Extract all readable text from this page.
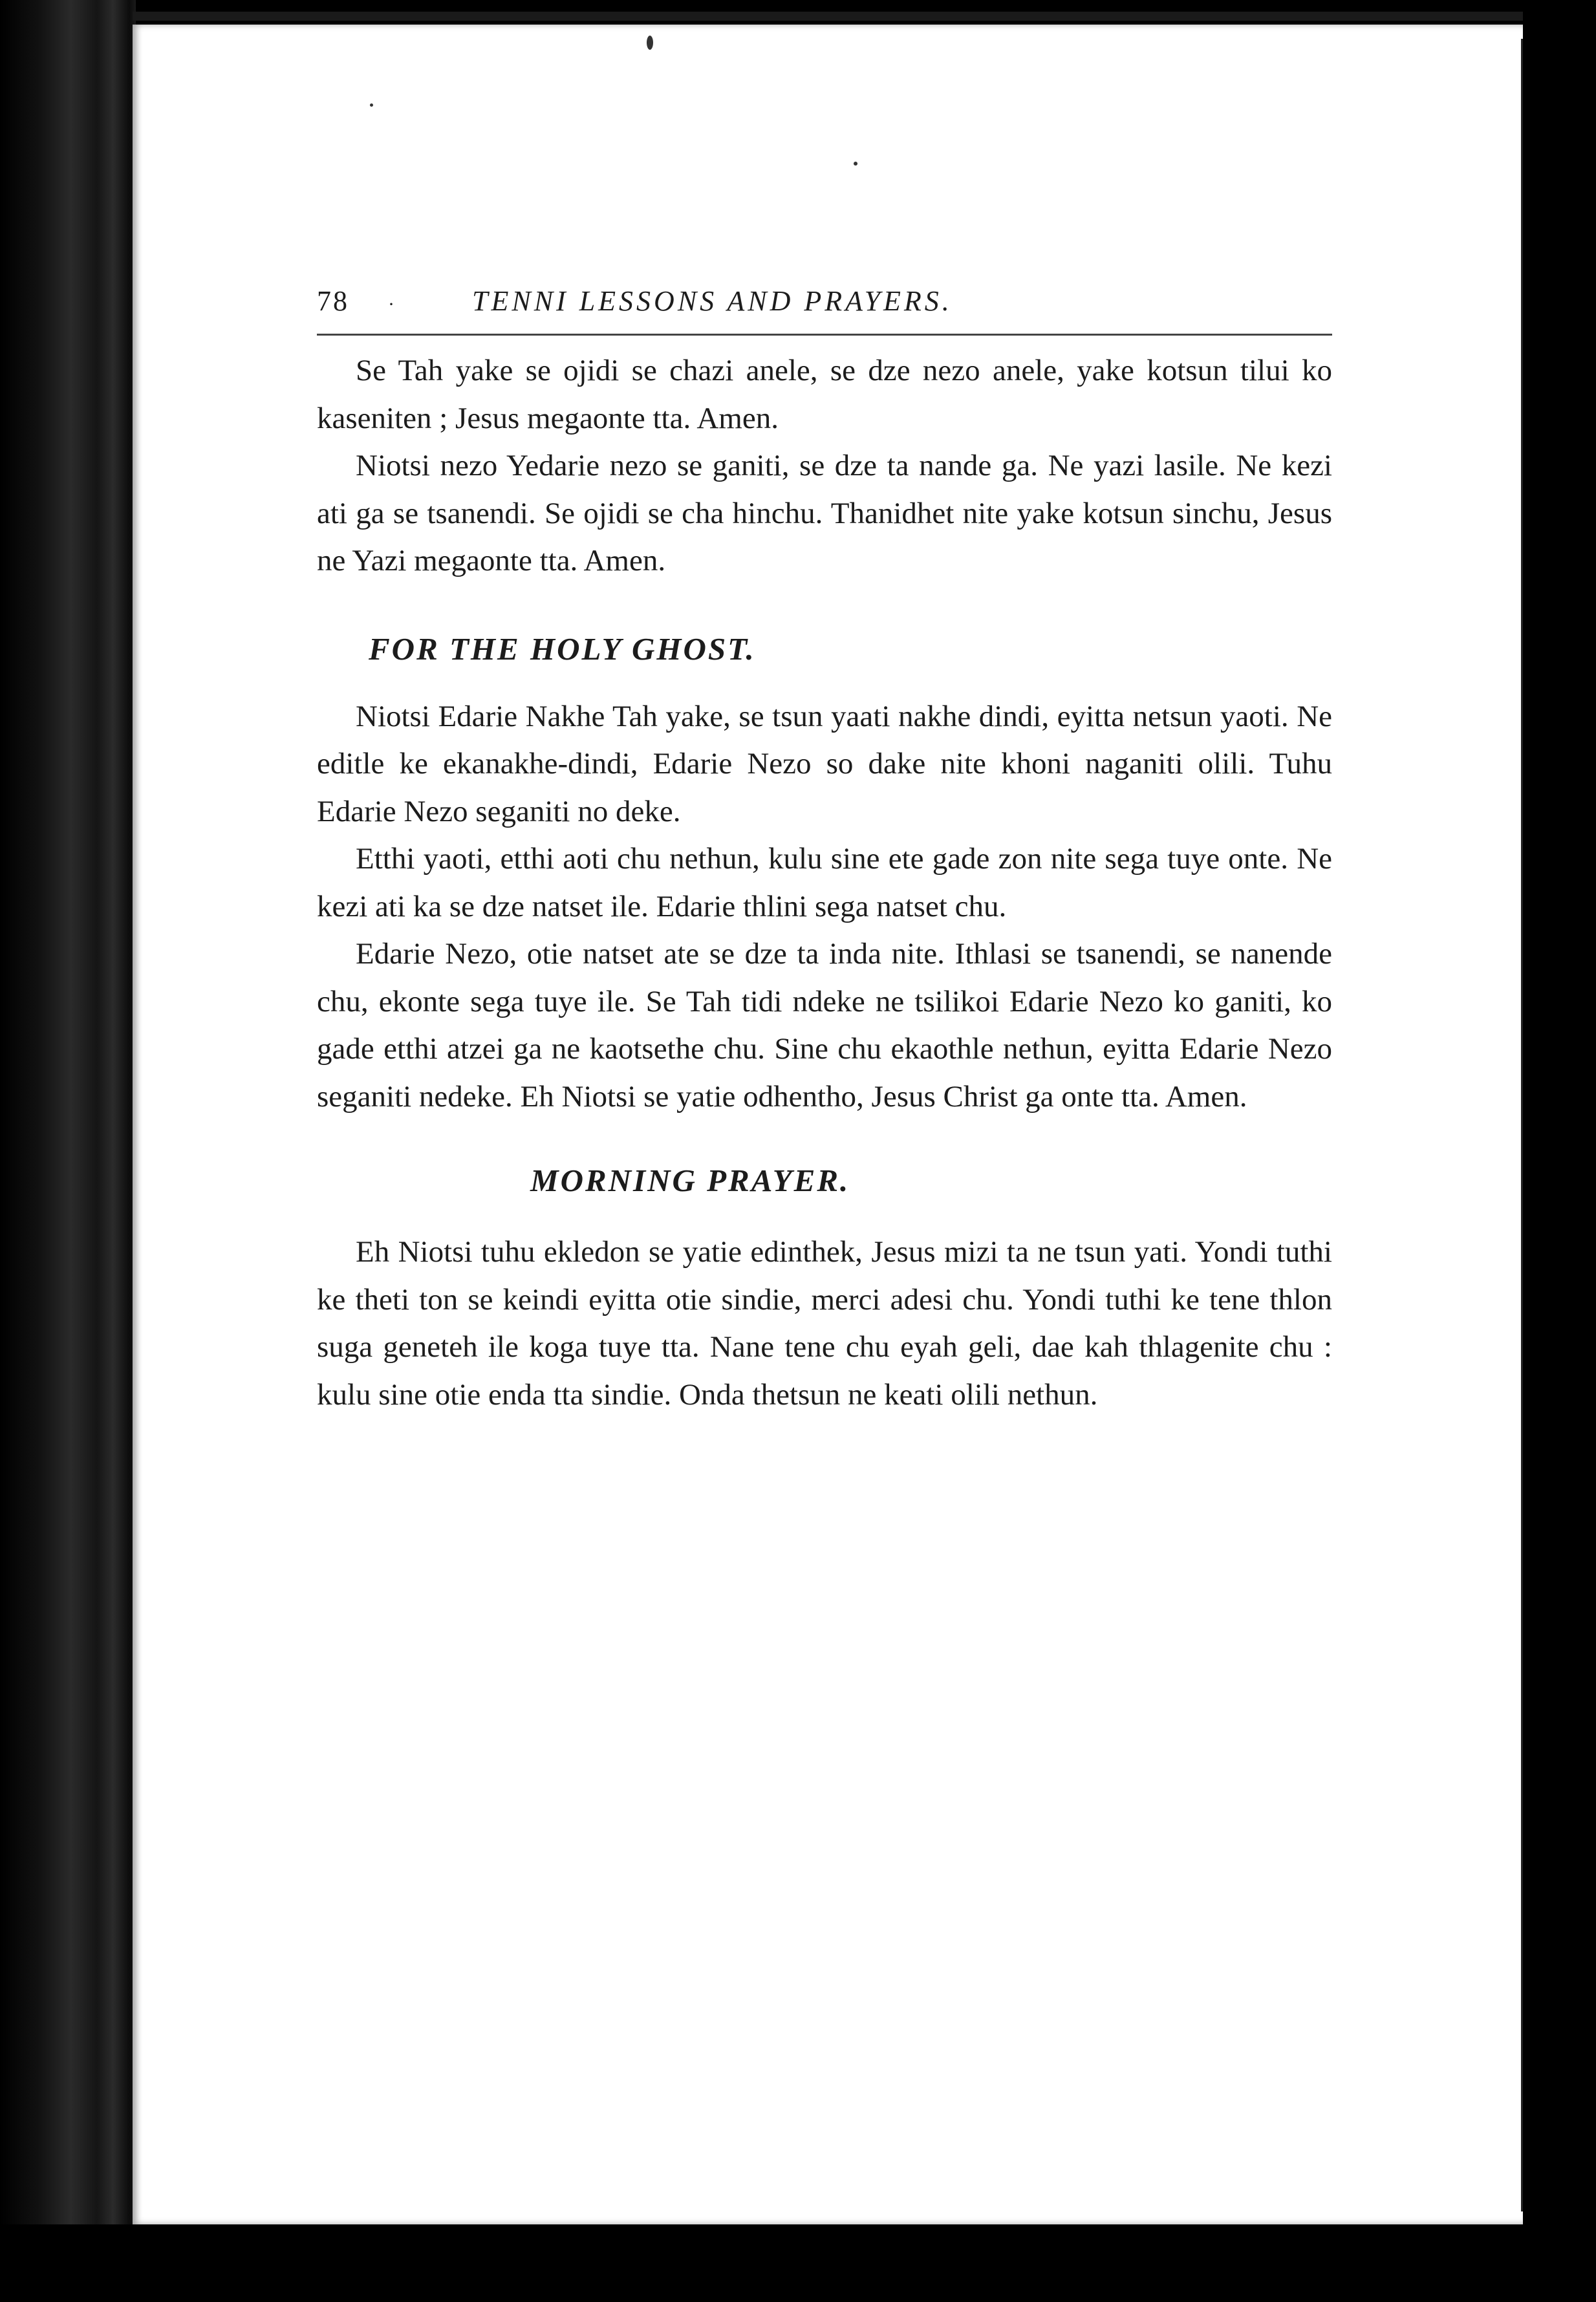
78	·	TENNI LESSONS AND PRAYERS.

Se Tah yake se ojidi se chazi anele, se dze nezo anele, yake kotsun tilui ko kaseniten ; Jesus megaonte tta. Amen.

Niotsi nezo Yedarie nezo se ganiti, se dze ta nande ga. Ne yazi lasile. Ne kezi ati ga se tsanendi. Se ojidi se cha hinchu. Thanidhet nite yake kotsun sinchu, Jesus ne Yazi megaonte tta. Amen.

FOR THE HOLY GHOST.

Niotsi Edarie Nakhe Tah yake, se tsun yaati nakhe dindi, eyitta netsun yaoti. Ne editle ke ekanakhe-dindi, Edarie Nezo so dake nite khoni naganiti olili. Tuhu Edarie Nezo seganiti no deke.

Etthi yaoti, etthi aoti chu nethun, kulu sine ete gade zon nite sega tuye onte. Ne kezi ati ka se dze natset ile. Edarie thlini sega natset chu.

Edarie Nezo, otie natset ate se dze ta inda nite. Ithlasi se tsanendi, se nanende chu, ekonte sega tuye ile. Se Tah tidi ndeke ne tsilikoi Edarie Nezo ko ganiti, ko gade etthi atzei ga ne kaotsethe chu. Sine chu ekaothle nethun, eyitta Edarie Nezo seganiti nedeke. Eh Niotsi se yatie odhentho, Jesus Christ ga onte tta. Amen.

MORNING PRAYER.

Eh Niotsi tuhu ekledon se yatie edinthek, Jesus mizi ta ne tsun yati. Yondi tuthi ke theti ton se keindi eyitta otie sindie, merci adesi chu. Yondi tuthi ke tene thlon suga geneteh ile koga tuye tta. Nane tene chu eyah geli, dae kah thlagenite chu : kulu sine otie enda tta sindie. Onda thetsun ne keati olili nethun.
